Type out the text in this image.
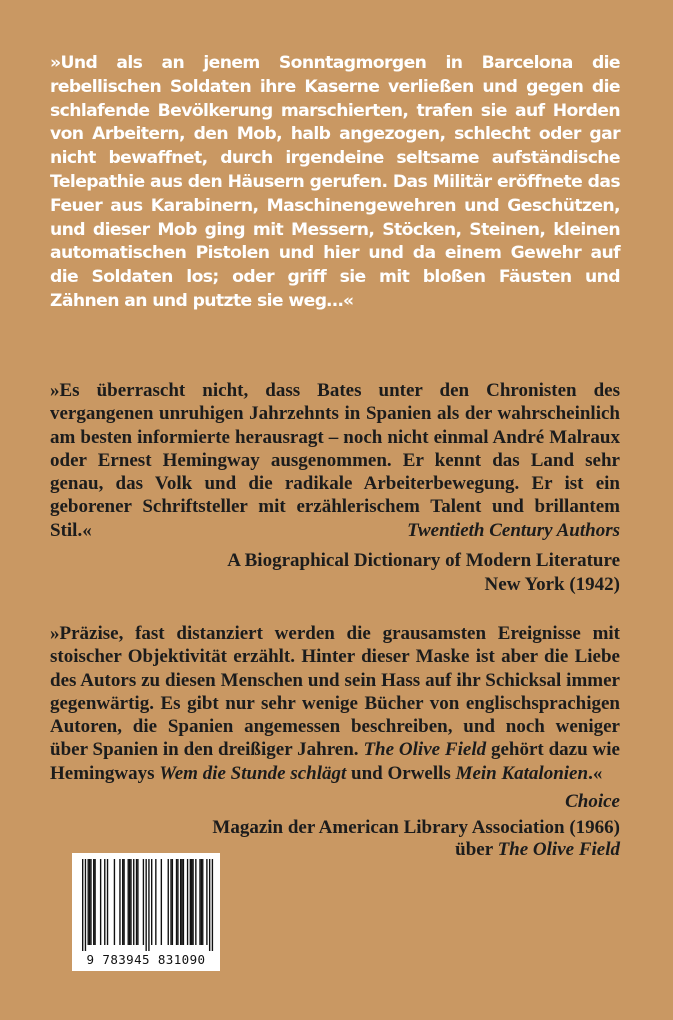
»Und als an jenem Sonntagmorgen in Barcelona die rebellischen Soldaten ihre Kaserne verließen und gegen die schlafende Bevölkerung marschierten, trafen sie auf Horden von Arbeitern, den Mob, halb angezogen, schlecht oder gar nicht bewaffnet, durch irgendeine seltsame aufständische Telepathie aus den Häusern gerufen. Das Militär eröffnete das Feuer aus Karabinern, Maschinengewehren und Geschützen, und dieser Mob ging mit Messern, Stöcken, Steinen, kleinen automatischen Pistolen und hier und da einem Gewehr auf die Soldaten los; oder griff sie mit bloßen Fäusten und Zähnen an und putzte sie weg…«

»Es überrascht nicht, dass Bates unter den Chronisten des vergangenen unruhigen Jahrzehnts in Spanien als der wahrscheinlich am besten informierte herausragt – noch nicht einmal André Malraux oder Ernest Hemingway ausgenommen. Er kennt das Land sehr genau, das Volk und die radikale Arbeiterbewegung. Er ist ein geborener Schriftsteller mit erzählerischem Talent und brillantem Stil.«	Twentieth Century Authors
A Biographical Dictionary of Modern Literature
New York (1942)

»Präzise, fast distanziert werden die grausamsten Ereignisse mit stoischer Objektivität erzählt. Hinter dieser Maske ist aber die Liebe des Autors zu diesen Menschen und sein Hass auf ihr Schicksal immer gegenwärtig. Es gibt nur sehr wenige Bücher von englischsprachigen Autoren, die Spanien angemessen beschreiben, und noch weniger über Spanien in den dreißiger Jahren. The Olive Field gehört dazu wie Hemingways Wem die Stunde schlägt und Orwells Mein Katalonien.«

Choice
Magazin der American Library Association (1966)
über The Olive Field
9 783945 831090
